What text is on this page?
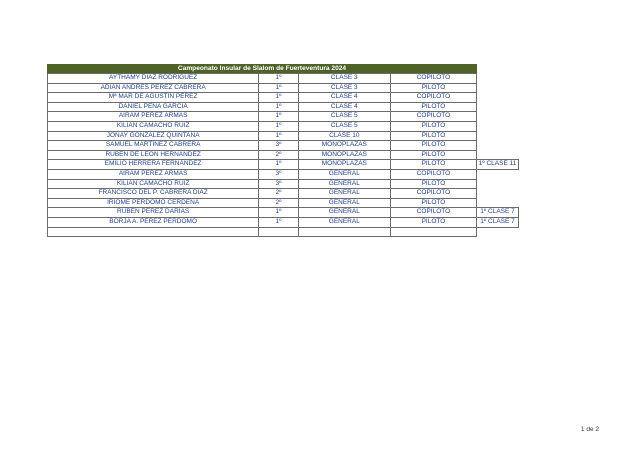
Campeonato Insular de Slalom de Fuerteventura 2024
AYTHAMY DIAZ RODRIGUEZ	1º	CLASE 3	COPILOTO	
ADIAN ANDRES PEREZ CABRERA	1º	CLASE 3	PILOTO	
Mª MAR DE AGUSTÍN PÉREZ	1º	CLASE 4	COPILOTO	
DANIEL PEÑA GARCIA	1º	CLASE 4	PILOTO	
AIRAM PEREZ ARMAS	1º	CLASE 5	COPILOTO	
KILIAN CAMACHO RUIZ	1º	CLASE 5	PILOTO	
JONAY GONZALEZ QUINTANA	1º	CLASE 10	PILOTO	
SAMUEL MARTÍNEZ CABRERA	3º	MONOPLAZAS	PILOTO	
RUBEN DE LEON HERNANDEZ	2º	MONOPLAZAS	PILOTO	
EMILIO HERRERA FERNÁNDEZ	1º	MONOPLAZAS	PILOTO	1º CLASE 11
AIRAM PEREZ ARMAS	3º	GENERAL	COPILOTO	
KILIAN CAMACHO RUIZ	3º	GENERAL	PILOTO	
FRANCISCO DEL P. CABRERA DIAZ	2º	GENERAL	COPILOTO	
IRIOME PERDOMO CERDEÑA	2º	GENERAL	PILOTO	
RUBÉN PÉREZ DARÍAS	1º	GENERAL	COPILOTO	1º CLASE 7
BORJA A. PÉREZ PERDOMO	1º	GENERAL	PILOTO	1º CLASE 7

1 de 2
